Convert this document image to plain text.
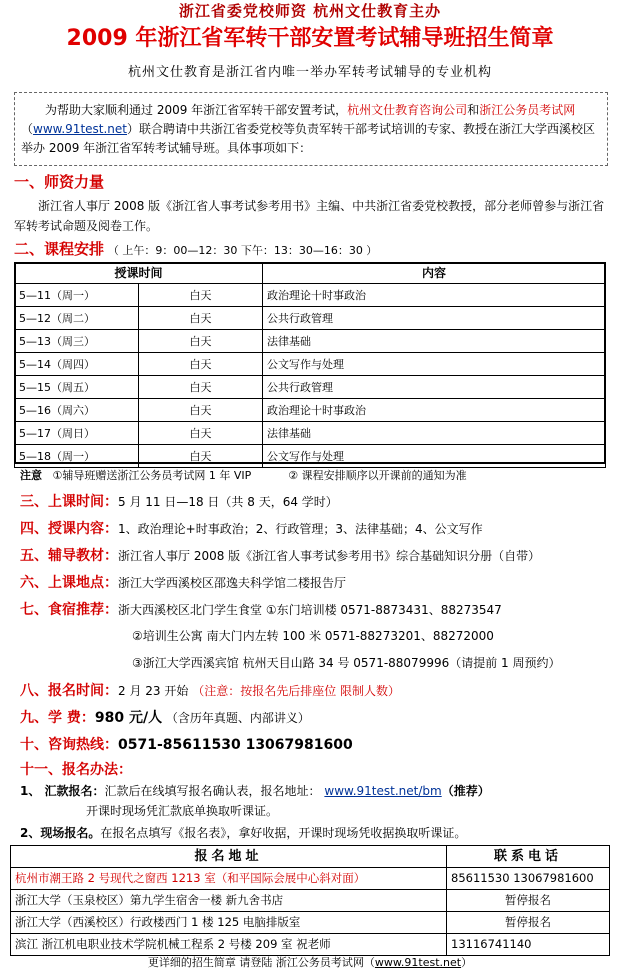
浙江省委党校师资 杭州文仕教育主办
2009 年浙江省军转干部安置考试辅导班招生简章
杭州文仕教育是浙江省内唯一举办军转考试辅导的专业机构
为帮助大家顺利通过 2009 年浙江省军转干部安置考试，杭州文仕教育咨询公司和浙江公务员考试网（www.91test.net）联合聘请中共浙江省委党校等负责军转干部考试培训的专家、教授在浙江大学西溪校区举办 2009 年浙江省军转考试辅导班。具体事项如下：
一、师资力量
浙江省人事厅 2008 版《浙江省人事考试参考用书》主编、中共浙江省委党校教授，部分老师曾参与浙江省军转考试命题及阅卷工作。
二、课程安排 （ 上午：9：00—12：30 下午：13：30—16：30 ）
授课时间		内容
5—11（周一）	白天	政治理论十时事政治
5—12（周二）	白天	公共行政管理
5—13（周三）	白天	法律基础
5—14（周四）	白天	公文写作与处理
5—15（周五）	白天	公共行政管理
5—16（周六）	白天	政治理论十时事政治
5—17（周日）	白天	法律基础
5—18（周一）	白天	公文写作与处理
注意 ①辅导班赠送浙江公务员考试网 1 年 VIP	② 课程安排顺序以开课前的通知为准
三、上课时间：5 月 11 日—18 日（共 8 天，64 学时）
四、授课内容：1、政治理论+时事政治；2、行政管理；3、法律基础；4、公文写作
五、辅导教材：浙江省人事厅 2008 版《浙江省人事考试参考用书》综合基础知识分册（自带）
六、上课地点：浙江大学西溪校区邵逸夫科学馆二楼报告厅
七、食宿推荐：浙大西溪校区北门学生食堂 ①东门培训楼 0571-8873431、88273547
②培训生公寓 南大门内左转 100 米 0571-88273201、88272000
③浙江大学西溪宾馆 杭州天目山路 34 号 0571-88079996（请提前 1 周预约）
八、报名时间：2 月 23 开始 （注意：按报名先后排座位 限制人数）
九、学 费：980 元/人 （含历年真题、内部讲义）
十、咨询热线：0571-85611530 13067981600
十一、报名办法：
1、 汇款报名：汇款后在线填写报名确认表，报名地址： www.91test.net/bm（推荐）
开课时现场凭汇款底单换取听课证。
2、现场报名。在报名点填写《报名表》，拿好收据，开课时现场凭收据换取听课证。
报名地址	联系电话
杭州市潮王路 2 号现代之窗西 1213 室（和平国际会展中心斜对面）	85611530 13067981600
浙江大学（玉泉校区）第九学生宿舍一楼 新九舍书店	暂停报名
浙江大学（西溪校区）行政楼西门 1 楼 125 电脑排版室	暂停报名
滨江 浙江机电职业技术学院机械工程系 2 号楼 209 室 祝老师	13116741140
更详细的招生简章 请登陆 浙江公务员考试网（www.91test.net）
